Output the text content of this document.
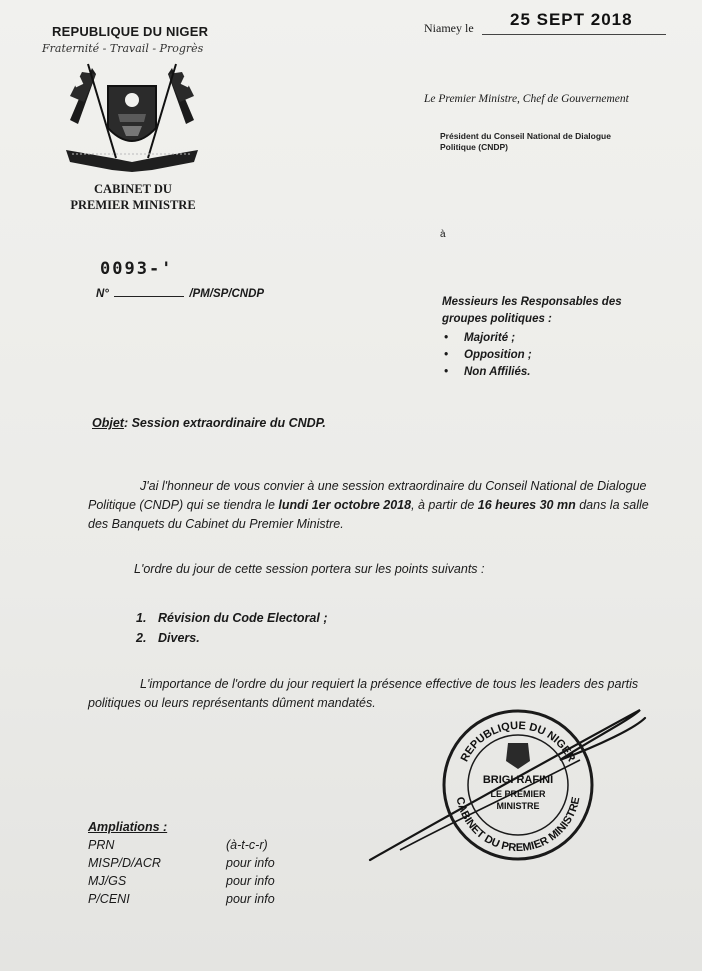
REPUBLIQUE DU NIGER
Fraternité - Travail - Progrès
CABINET DU
PREMIER MINISTRE
Niamey le 25 SEPT 2018
Le Premier Ministre, Chef de Gouvernement
Président du Conseil National de Dialogue
Politique (CNDP)
à
0093-'
N°	/PM/SP/CNDP
Messieurs les Responsables des
groupes politiques :
• Majorité ;
• Opposition ;
• Non Affiliés.
Objet: Session extraordinaire du CNDP.
J'ai l'honneur de vous convier à une session extraordinaire du Conseil National de Dialogue Politique (CNDP) qui se tiendra le lundi 1er octobre 2018, à partir de 16 heures 30 mn dans la salle des Banquets du Cabinet du Premier Ministre.
L'ordre du jour de cette session portera sur les points suivants :
1. Révision du Code Electoral ;
2. Divers.
L'importance de l'ordre du jour requiert la présence effective de tous les leaders des partis politiques ou leurs représentants dûment mandatés.
REPUBLIQUE DU NIGER
CABINET DU PREMIER MINISTRE
BRIGI RAFINI
LE PREMIER
MINISTRE
Ampliations :
PRN	(à-t-c-r)
MISP/D/ACR	pour info
MJ/GS	pour info
P/CENI	pour info
